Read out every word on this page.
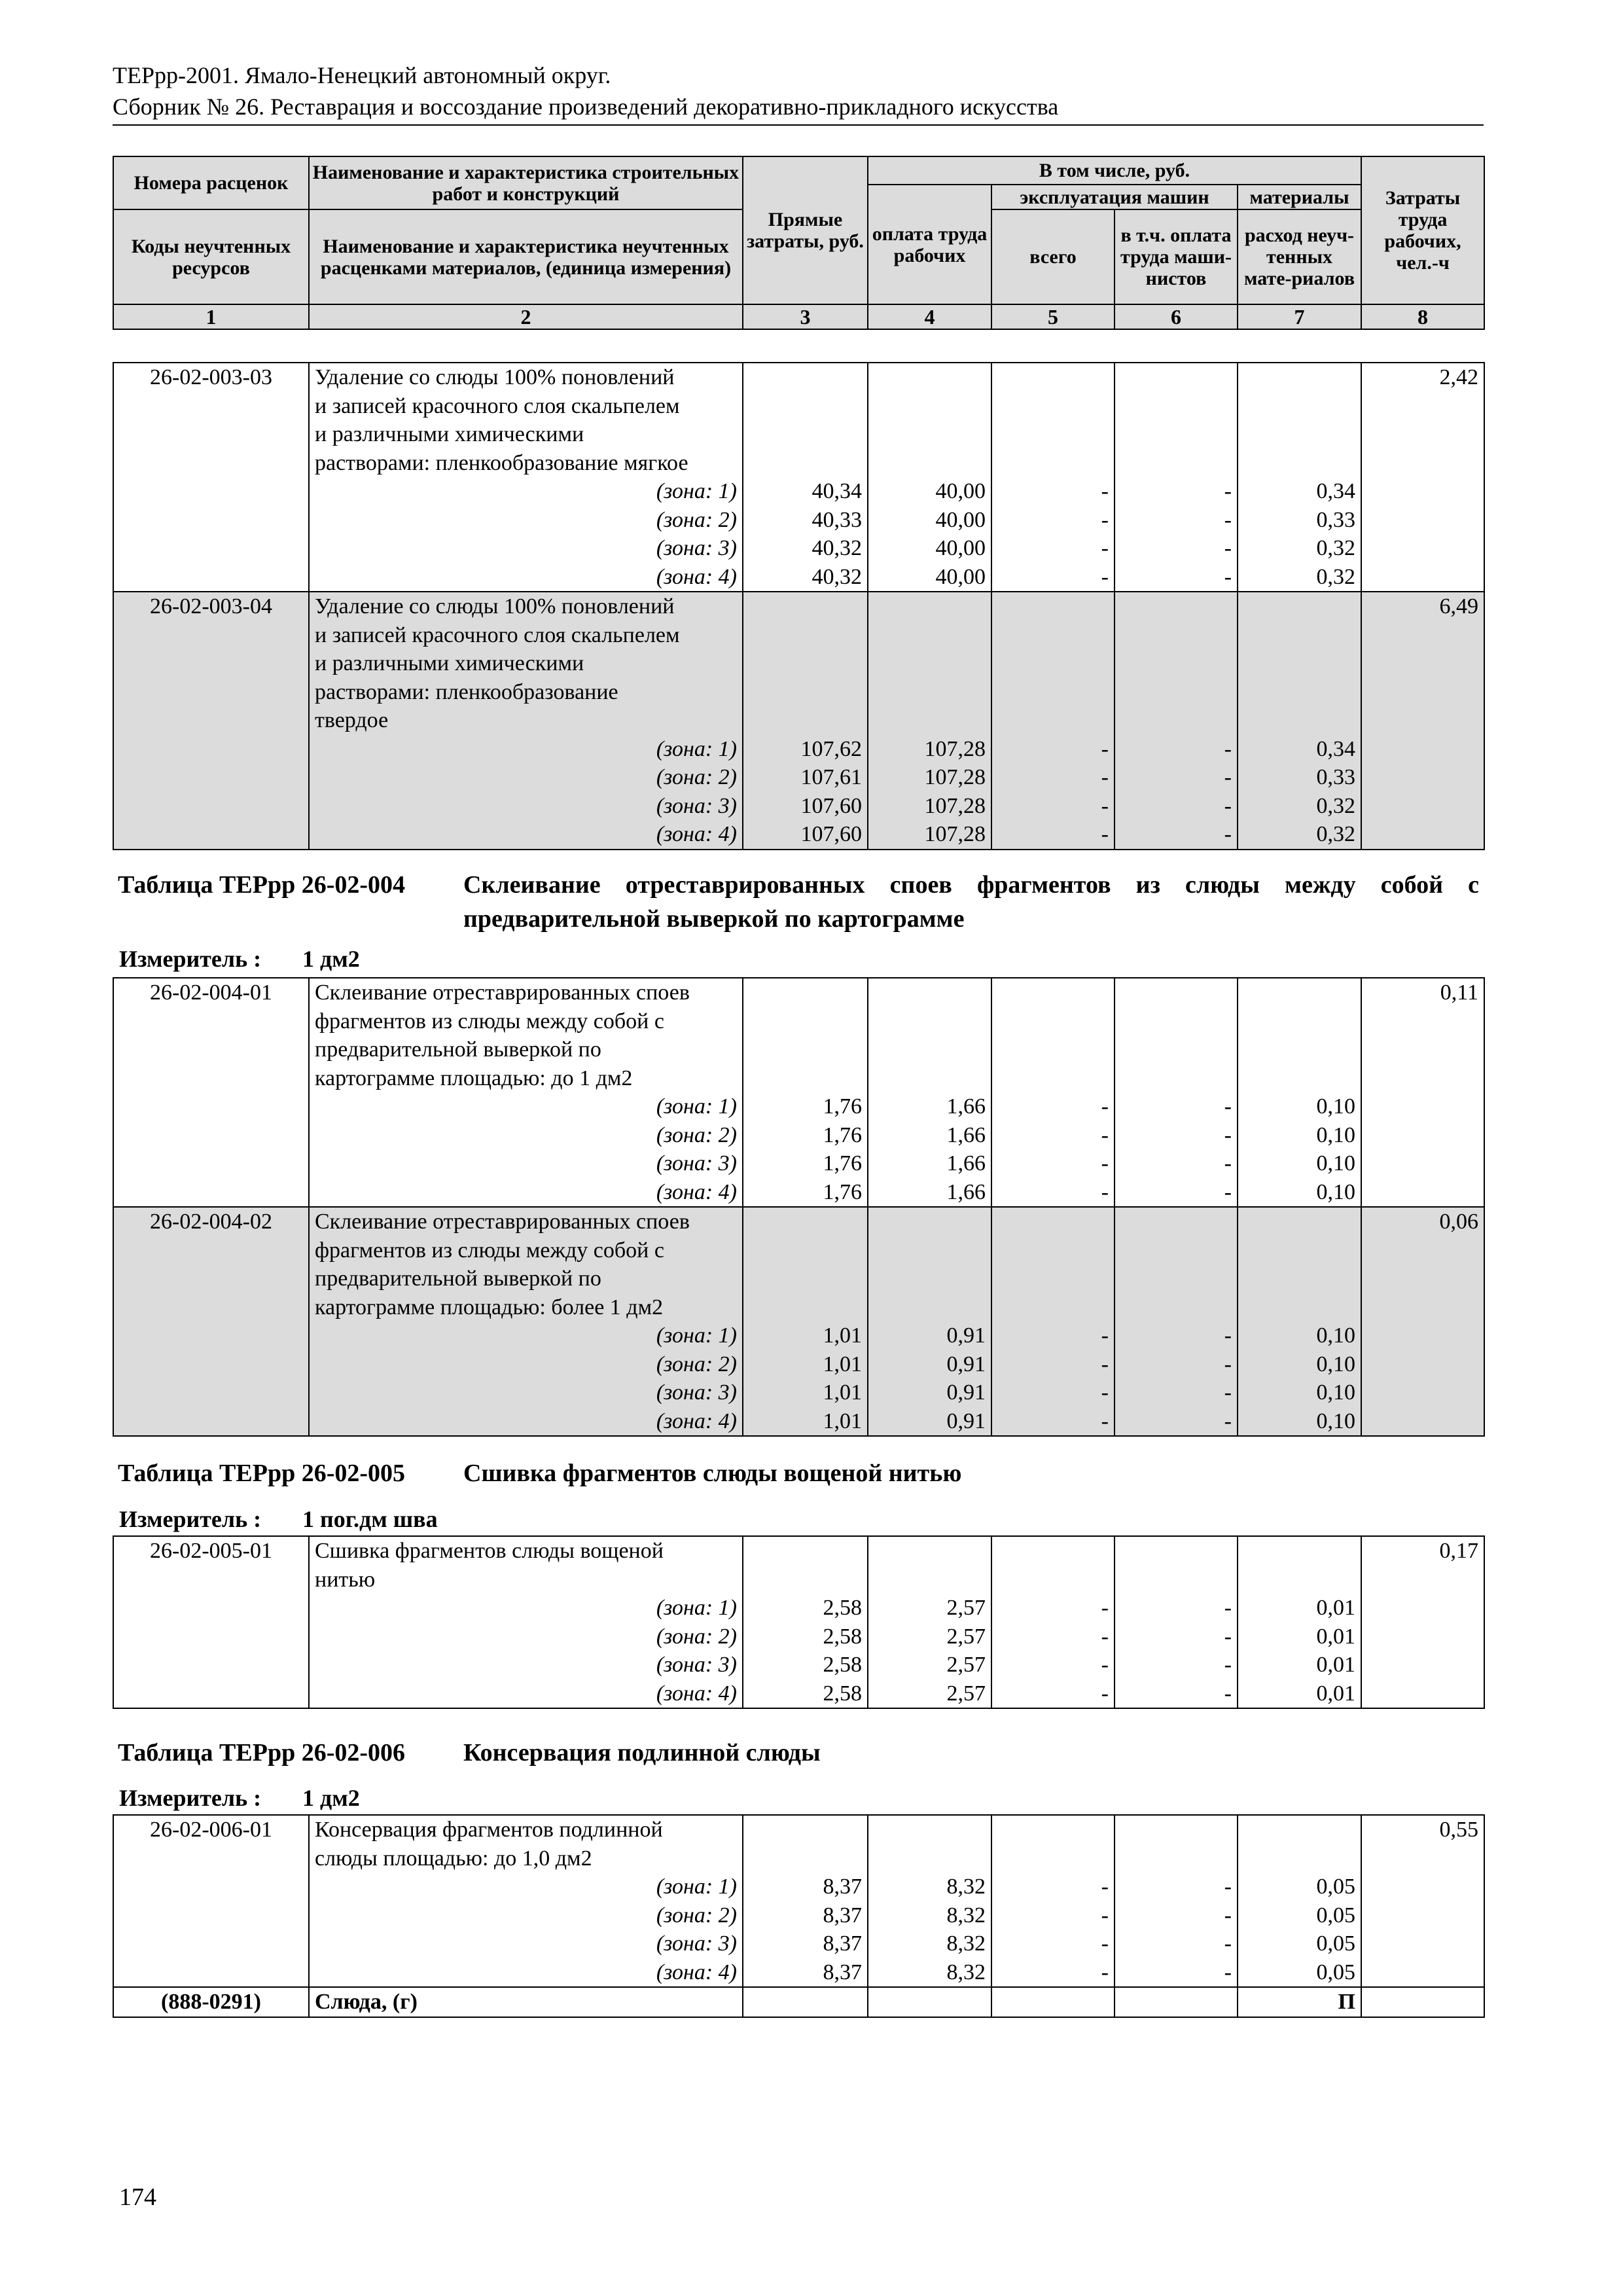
ТЕРрр-2001. Ямало-Ненецкий автономный округ.
Сборник № 26. Реставрация и воссоздание произведений декоративно-прикладного искусства
Номера расценок	Наименование и характеристика строительных работ и конструкций	Прямые затраты, руб.	В том числе, руб.				Затраты труда рабочих, чел.-ч
			оплата труда рабочих	эксплуатация машин		материалы	
Коды неучтенных ресурсов	Наименование и характеристика неучтенных расценками материалов, (единица измерения)			всего	в т.ч. оплата труда маши-нистов	расход неуч-тенных мате-риалов	

1	2	3	4	5	6	7	8
26-02-003-03	Удаление со слюды 100% поновлений						2,42
	и записей красочного слоя скальпелем						
	и различными химическими						
	растворами: пленкообразование мягкое						
	(зона: 1)	40,34	40,00	-	-	0,34	
	(зона: 2)	40,33	40,00	-	-	0,33	
	(зона: 3)	40,32	40,00	-	-	0,32	
	(зона: 4)	40,32	40,00	-	-	0,32	
26-02-003-04	Удаление со слюды 100% поновлений						6,49
	и записей красочного слоя скальпелем						
	и различными химическими						
	растворами: пленкообразование						
	твердое						
	(зона: 1)	107,62	107,28	-	-	0,34	
	(зона: 2)	107,61	107,28	-	-	0,33	
	(зона: 3)	107,60	107,28	-	-	0,32	
	(зона: 4)	107,60	107,28	-	-	0,32	
Таблица ТЕРрр 26-02-004 Склеивание отреставрированных споев фрагментов из слюды между собой с предварительной выверкой по картограмме
Измеритель : 1 дм2
26-02-004-01	Склеивание отреставрированных споев						0,11
	фрагментов из слюды между собой с						
	предварительной выверкой по						
	картограмме площадью: до 1 дм2						
	(зона: 1)	1,76	1,66	-	-	0,10	
	(зона: 2)	1,76	1,66	-	-	0,10	
	(зона: 3)	1,76	1,66	-	-	0,10	
	(зона: 4)	1,76	1,66	-	-	0,10	
26-02-004-02	Склеивание отреставрированных споев						0,06
	фрагментов из слюды между собой с						
	предварительной выверкой по						
	картограмме площадью: более 1 дм2						
	(зона: 1)	1,01	0,91	-	-	0,10	
	(зона: 2)	1,01	0,91	-	-	0,10	
	(зона: 3)	1,01	0,91	-	-	0,10	
	(зона: 4)	1,01	0,91	-	-	0,10	
Таблица ТЕРрр 26-02-005 Сшивка фрагментов слюды вощеной нитью
Измеритель : 1 пог.дм шва
26-02-005-01	Сшивка фрагментов слюды вощеной						0,17
	нитью						
	(зона: 1)	2,58	2,57	-	-	0,01	
	(зона: 2)	2,58	2,57	-	-	0,01	
	(зона: 3)	2,58	2,57	-	-	0,01	
	(зона: 4)	2,58	2,57	-	-	0,01	
Таблица ТЕРрр 26-02-006 Консервация подлинной слюды
Измеритель : 1 дм2
26-02-006-01	Консервация фрагментов подлинной						0,55
	слюды площадью: до 1,0 дм2						
	(зона: 1)	8,37	8,32	-	-	0,05	
	(зона: 2)	8,37	8,32	-	-	0,05	
	(зона: 3)	8,37	8,32	-	-	0,05	
	(зона: 4)	8,37	8,32	-	-	0,05	
(888-0291)	Слюда, (г)					П	
174
